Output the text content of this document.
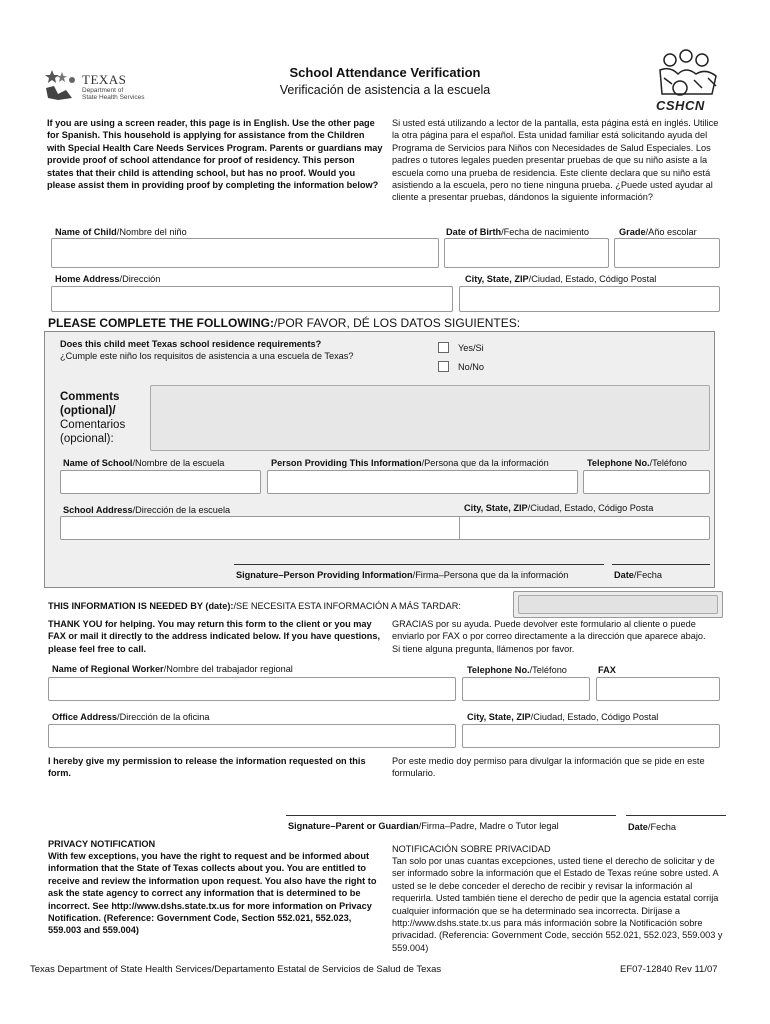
TEXAS
Department of
State Health Services
School Attendance Verification
Verificación de asistencia a la escuela
CSHCN
If you are using a screen reader, this page is in English. Use the other page for Spanish. This household is applying for assistance from the Children with Special Health Care Needs Services Program. Parents or guardians may provide proof of school attendance for proof of residency. This person states that their child is attending school, but has no proof. Would you please assist them in providing proof by completing the information below?
Si usted está utilizando a lector de la pantalla, esta página está en inglés. Utilice la otra página para el español. Esta unidad familiar está solicitando ayuda del Programa de Servicios para Niños con Necesidades de Salud Especiales. Los padres o tutores legales pueden presentar pruebas de que su niño asiste a la escuela como una prueba de residencia. Este cliente declara que su niño está asistiendo a la escuela, pero no tiene ninguna prueba. ¿Puede usted ayudar al cliente a presentar pruebas, dándonos la siguiente información?
Name of Child/Nombre del niño	Date of Birth/Fecha de nacimiento	Grade/Año escolar
Home Address/Dirección	City, State, ZIP/Ciudad, Estado, Código Postal
PLEASE COMPLETE THE FOLLOWING:/POR FAVOR, DÉ LOS DATOS SIGUIENTES:
Does this child meet Texas school residence requirements?
¿Cumple este niño los requisitos de asistencia a una escuela de Texas?
Yes/Si
No/No
Comments
(optional)/
Comentarios
(opcional):
Name of School/Nombre de la escuela	Person Providing This Information/Persona que da la información	Telephone No./Teléfono
School Address/Dirección de la escuela	City, State, ZIP/Ciudad, Estado, Código Posta
Signature–Person Providing Information/Firma–Persona que da la información	Date/Fecha
THIS INFORMATION IS NEEDED BY (date):/SE NECESITA ESTA INFORMACIÓN A MÁS TARDAR:
THANK YOU for helping. You may return this form to the client or you may FAX or mail it directly to the address indicated below. If you have questions, please feel free to call.
GRACIAS por su ayuda. Puede devolver este formulario al cliente o puede enviarlo por FAX o por correo directamente a la dirección que aparece abajo. Si tiene alguna pregunta, llámenos por favor.
Name of Regional Worker/Nombre del trabajador regional	Telephone No./Teléfono	FAX
Office Address/Dirección de la oficina	City, State, ZIP/Ciudad, Estado, Código Postal
I hereby give my permission to release the information requested on this form.
Por este medio doy permiso para divulgar la información que se pide en este formulario.
Signature–Parent or Guardian/Firma–Padre, Madre o Tutor legal	Date/Fecha
PRIVACY NOTIFICATION
With few exceptions, you have the right to request and be informed about information that the State of Texas collects about you. You are entitled to receive and review the information upon request. You also have the right to ask the state agency to correct any information that is determined to be incorrect. See http://www.dshs.state.tx.us for more information on Privacy Notification. (Reference: Government Code, Section 552.021, 552.023, 559.003 and 559.004)
NOTIFICACIÓN SOBRE PRIVACIDAD
Tan solo por unas cuantas excepciones, usted tiene el derecho de solicitar y de ser informado sobre la información que el Estado de Texas reúne sobre usted. A usted se le debe conceder el derecho de recibir y revisar la información al requerirla. Usted también tiene el derecho de pedir que la agencia estatal corrija cualquier información que se ha determinado sea incorrecta. Diríjase a http://www.dshs.state.tx.us para más información sobre la Notificación sobre privacidad. (Referencia: Government Code, sección 552.021, 552.023, 559.003 y 559.004)
Texas Department of State Health Services/Departamento Estatal de Servicios de Salud de Texas	EF07-12840 Rev 11/07
